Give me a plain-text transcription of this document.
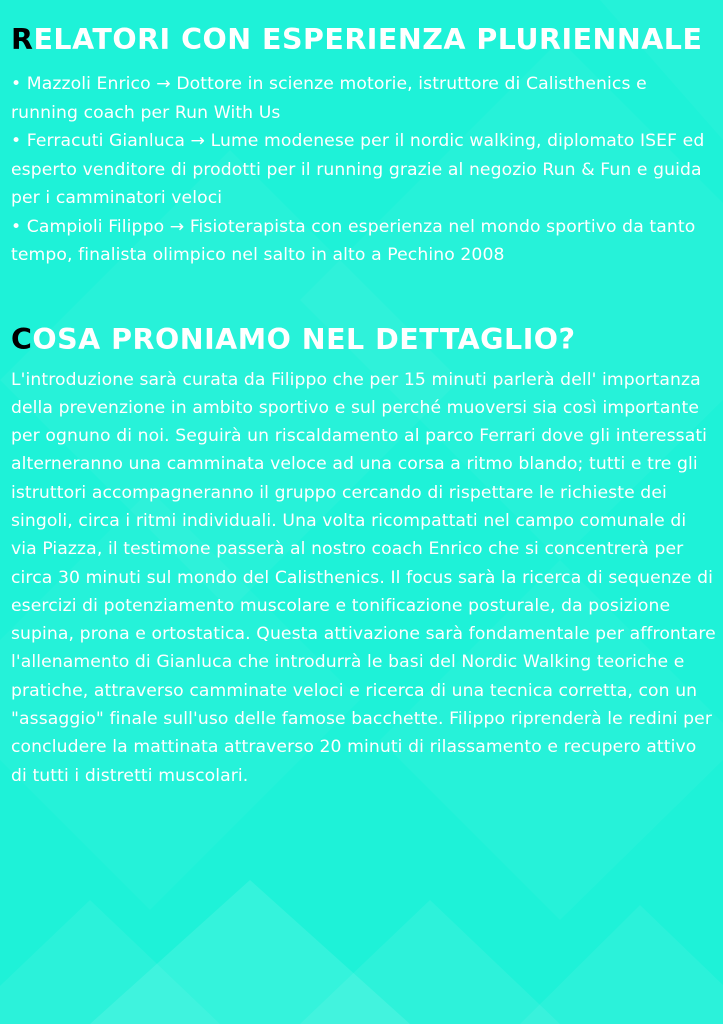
RELATORI CON ESPERIENZA PLURIENNALE

• Mazzoli Enrico → Dottore in scienze motorie, istruttore di Calisthenics e running coach per Run With Us

• Ferracuti Gianluca → Lume modenese per il nordic walking, diplomato ISEF ed esperto venditore di prodotti per il running grazie al negozio Run & Fun e guida per i camminatori veloci

• Campioli Filippo → Fisioterapista con esperienza nel mondo sportivo da tanto tempo, finalista olimpico nel salto in alto a Pechino 2008

COSA PRONIAMO NEL DETTAGLIO?

L'introduzione sarà curata da Filippo che per 15 minuti parlerà dell' importanza della prevenzione in ambito sportivo e sul perché muoversi sia così importante per ognuno di noi. Seguirà un riscaldamento al parco Ferrari dove gli interessati alterneranno una camminata veloce ad una corsa a ritmo blando; tutti e tre gli istruttori accompagneranno il gruppo cercando di rispettare le richieste dei singoli, circa i ritmi individuali. Una volta ricompattati nel campo comunale di via Piazza, il testimone passerà al nostro coach Enrico che si concentrerà per circa 30 minuti sul mondo del Calisthenics. Il focus sarà la ricerca di sequenze di esercizi di potenziamento muscolare e tonificazione posturale, da posizione supina, prona e ortostatica. Questa attivazione sarà fondamentale per affrontare l'allenamento di Gianluca che introdurrà le basi del Nordic Walking teoriche e pratiche, attraverso camminate veloci e ricerca di una tecnica corretta, con un "assaggio" finale sull'uso delle famose bacchette. Filippo riprenderà le redini per concludere la mattinata attraverso 20 minuti di rilassamento e recupero attivo di tutti i distretti muscolari.
